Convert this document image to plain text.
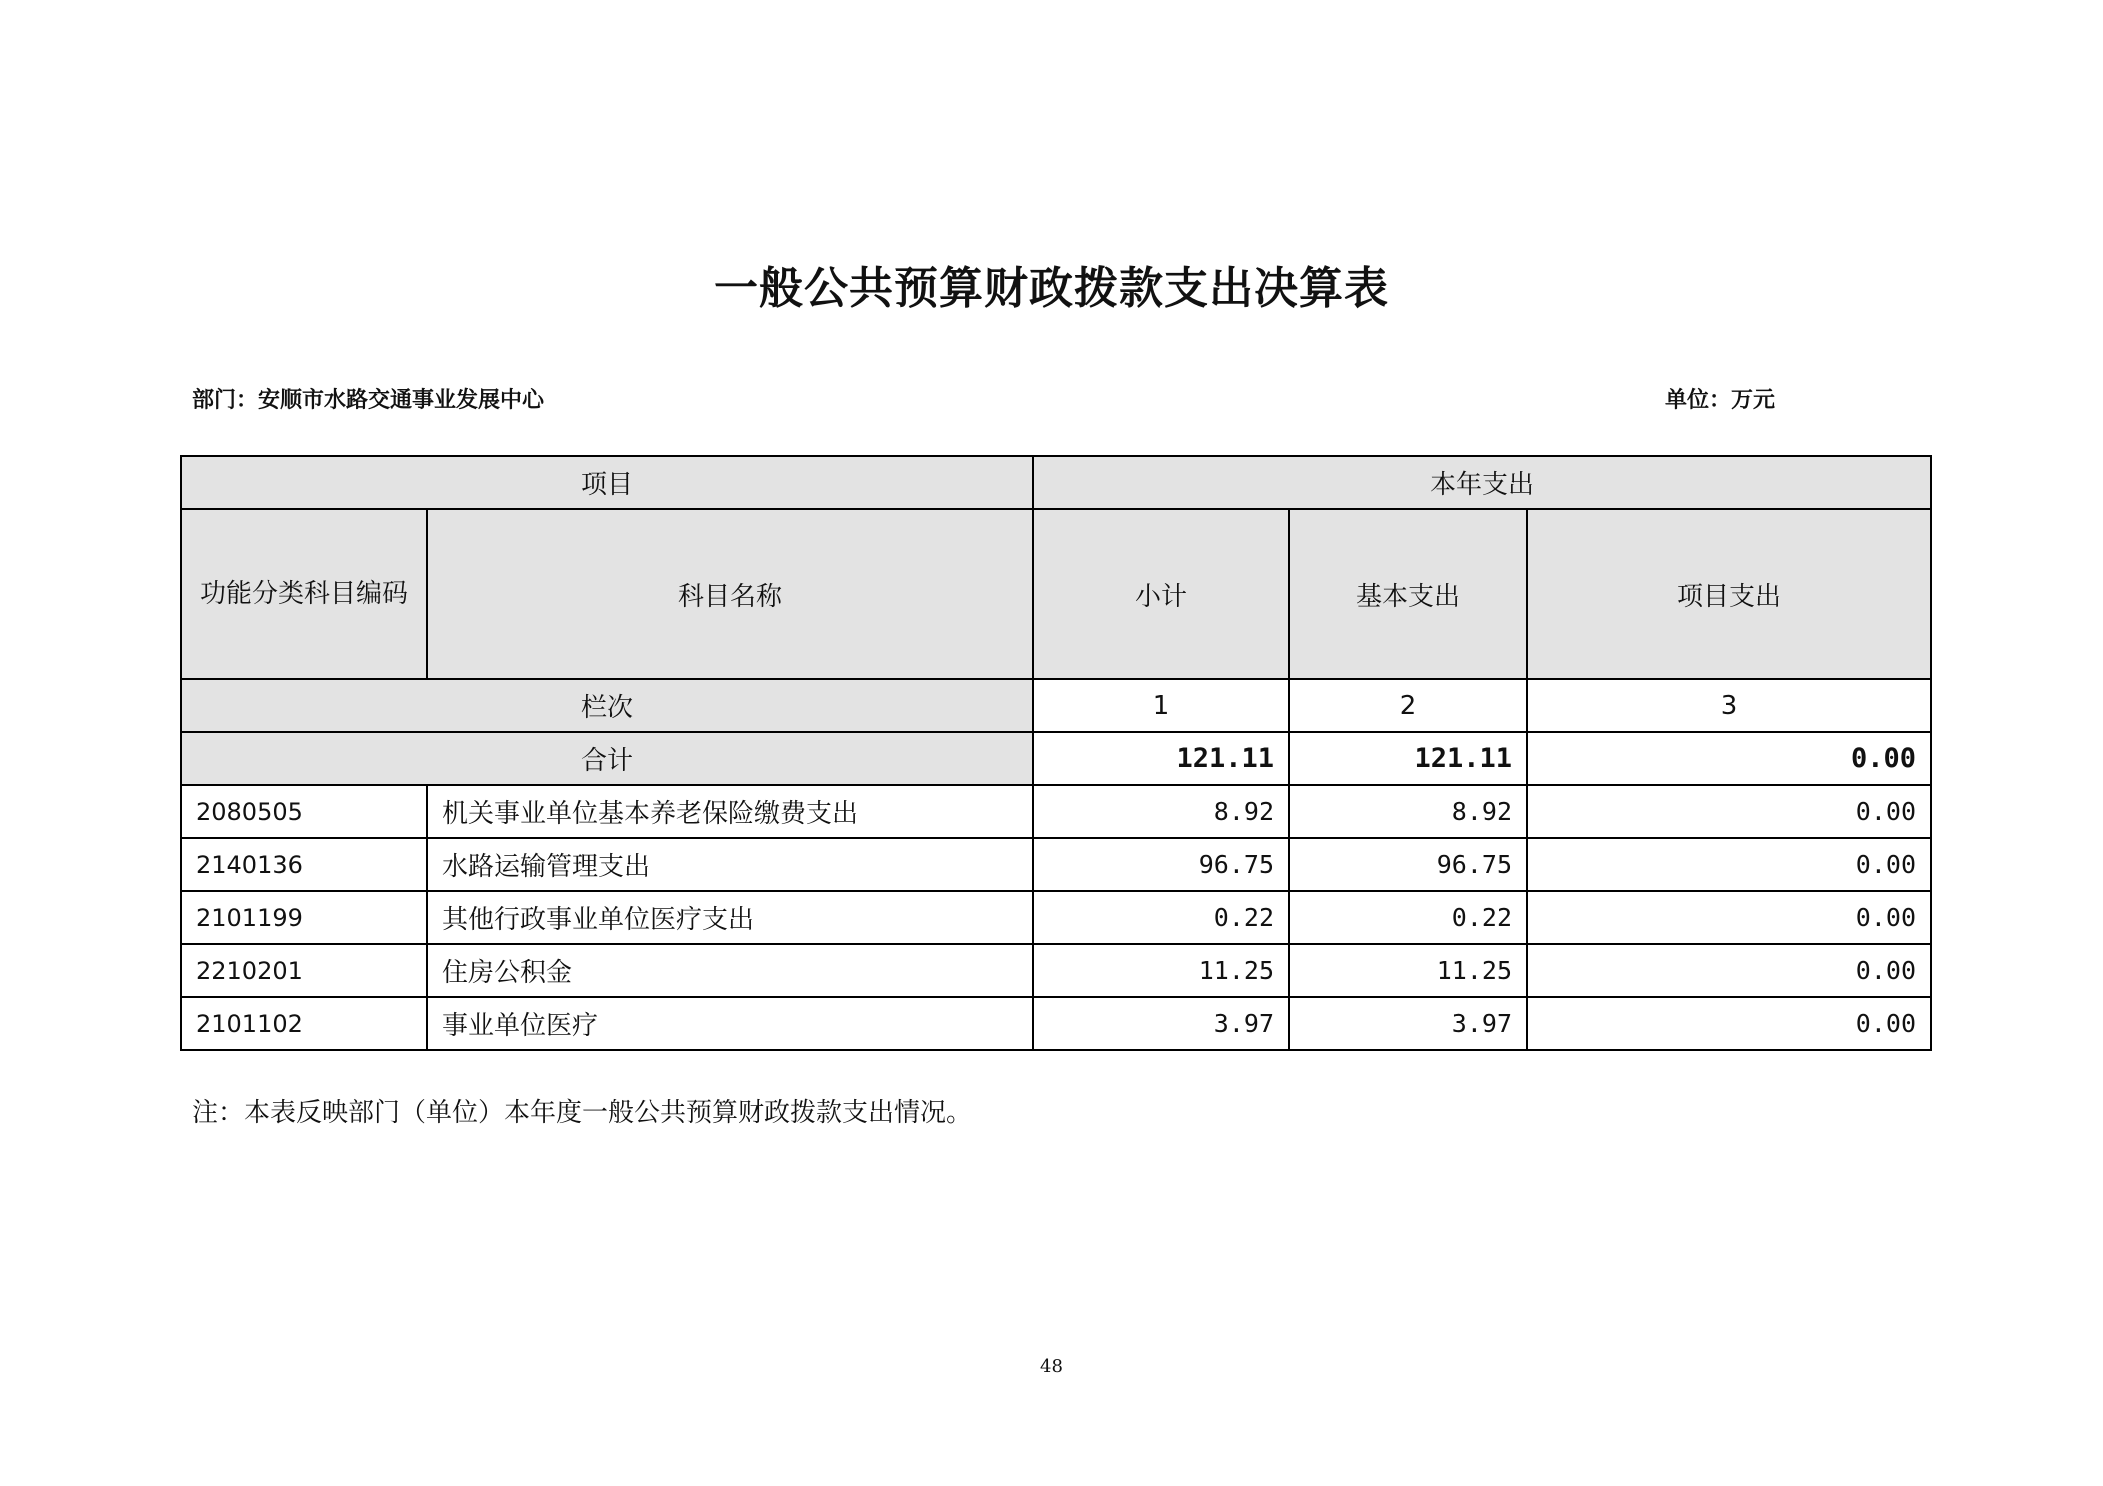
一般公共预算财政拨款支出决算表
部门：安顺市水路交通事业发展中心	单位：万元
项目		本年支出		
功能分类科目编码	科目名称	小计	基本支出	项目支出
栏次		1	2	3
合计		121.11	121.11	0.00
2080505	机关事业单位基本养老保险缴费支出	8.92	8.92	0.00
2140136	水路运输管理支出	96.75	96.75	0.00
2101199	其他行政事业单位医疗支出	0.22	0.22	0.00
2210201	住房公积金	11.25	11.25	0.00
2101102	事业单位医疗	3.97	3.97	0.00
注：本表反映部门（单位）本年度一般公共预算财政拨款支出情况。
48
